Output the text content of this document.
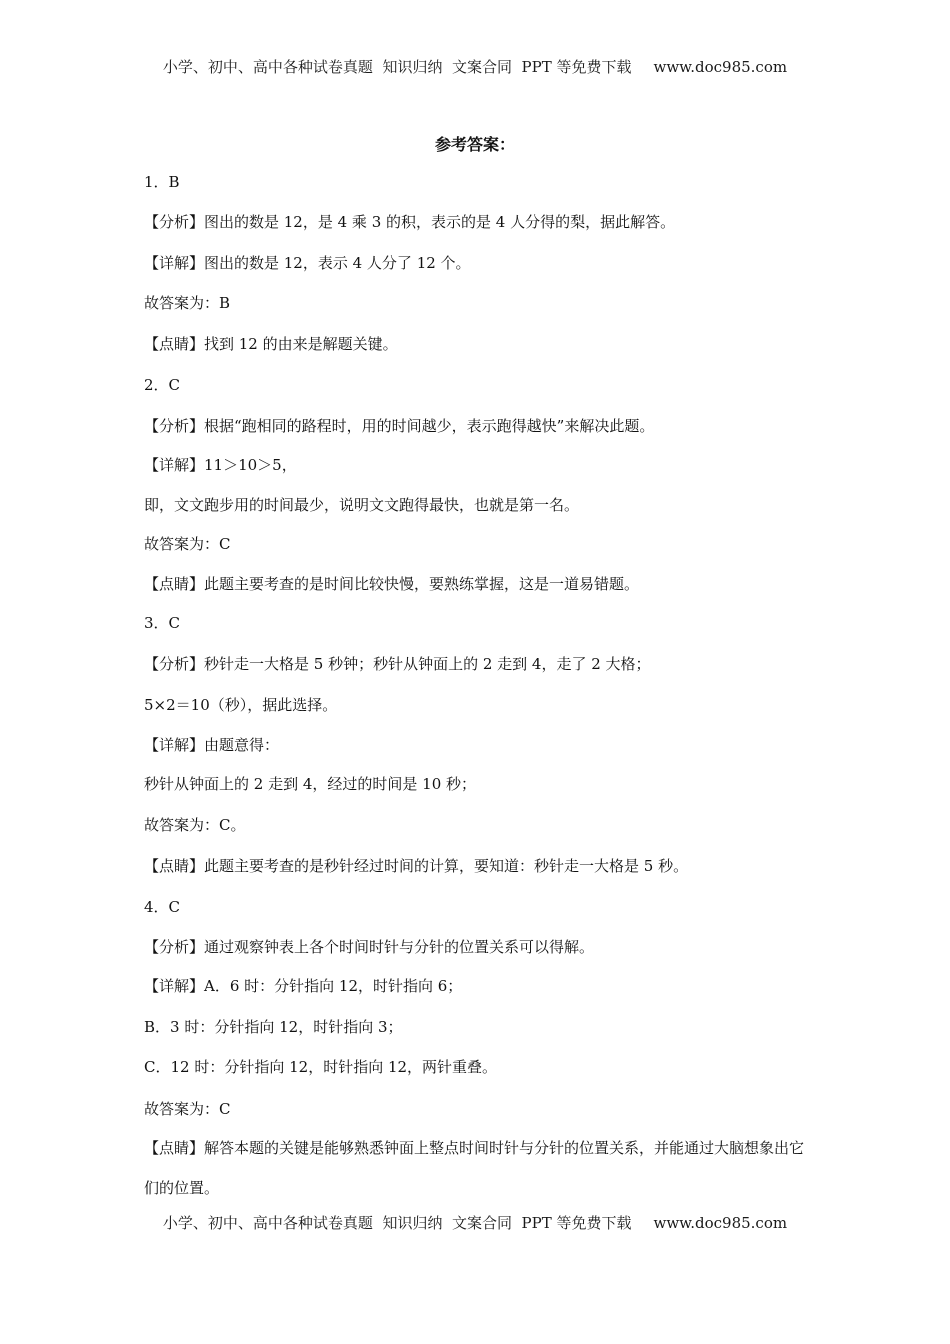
小学、初中、高中各种试卷真题  知识归纳  文案合同  PPT 等免费下载 www.doc985.com
参考答案：
1．B
【分析】图出的数是 12，是 4 乘 3 的积，表示的是 4 人分得的梨，据此解答。
【详解】图出的数是 12，表示 4 人分了 12 个。
故答案为：B
【点睛】找到 12 的由来是解题关键。
2．C
【分析】根据“跑相同的路程时，用的时间越少，表示跑得越快”来解决此题。
【详解】11＞10＞5，
即，文文跑步用的时间最少，说明文文跑得最快，也就是第一名。
故答案为：C
【点睛】此题主要考查的是时间比较快慢，要熟练掌握，这是一道易错题。
3．C
【分析】秒针走一大格是 5 秒钟；秒针从钟面上的 2 走到 4，走了 2 大格；
5×2＝10（秒），据此选择。
【详解】由题意得：
秒针从钟面上的 2 走到 4，经过的时间是 10 秒；
故答案为：C。
【点睛】此题主要考查的是秒针经过时间的计算，要知道：秒针走一大格是 5 秒。
4．C
【分析】通过观察钟表上各个时间时针与分针的位置关系可以得解。
【详解】A．6 时：分针指向 12，时针指向 6；
B．3 时：分针指向 12，时针指向 3；
C．12 时：分针指向 12，时针指向 12，两针重叠。
故答案为：C
【点睛】解答本题的关键是能够熟悉钟面上整点时间时针与分针的位置关系，并能通过大脑想象出它们的位置。
小学、初中、高中各种试卷真题  知识归纳  文案合同  PPT 等免费下载 www.doc985.com
